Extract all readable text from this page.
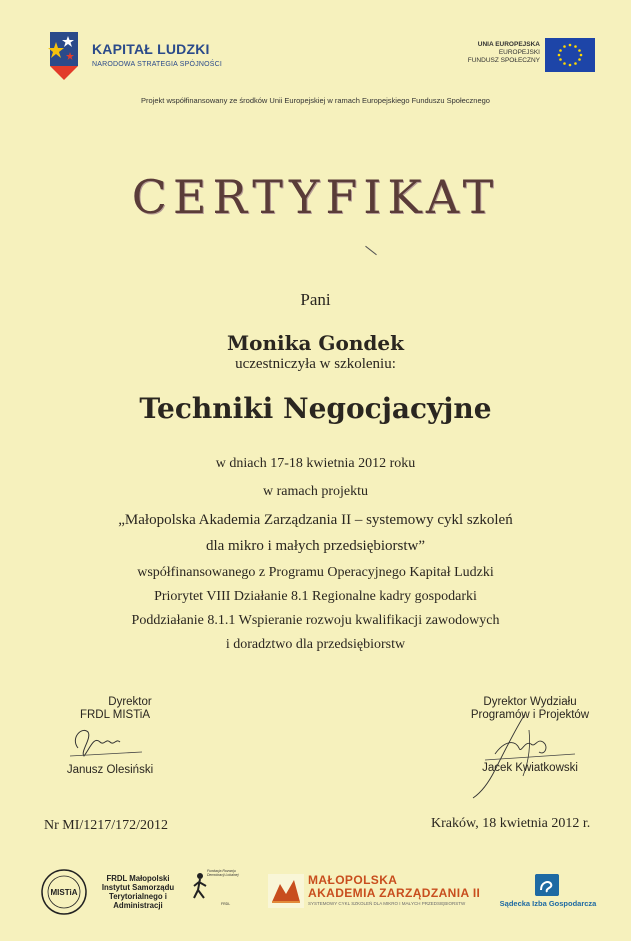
KAPITAŁ LUDZKI
NARODOWA STRATEGIA SPÓJNOŚCI
UNIA EUROPEJSKA
EUROPEJSKI
FUNDUSZ SPOŁECZNY
Projekt współfinansowany ze środków Unii Europejskiej w ramach Europejskiego Funduszu Społecznego
CERTYFIKAT
Pani
Monika Gondek
uczestniczyła w szkoleniu:
Techniki Negocjacyjne
w dniach 17-18 kwietnia 2012 roku
w ramach projektu
„Małopolska Akademia Zarządzania II – systemowy cykl szkoleń
dla mikro i małych przedsiębiorstw”
współfinansowanego z Programu Operacyjnego Kapitał Ludzki
Priorytet VIII Działanie 8.1 Regionalne kadry gospodarki
Poddziałanie 8.1.1 Wspieranie rozwoju kwalifikacji zawodowych
i doradztwo dla przedsiębiorstw
Dyrektor
FRDL MISTiA
Janusz Olesiński
Dyrektor Wydziału
Programów i Projektów
Jacek Kwiatkowski
Nr MI/1217/172/2012	Kraków, 18 kwietnia 2012 r.
MISTiA
FRDL Małopolski Instytut Samorządu Terytorialnego i Administracji
Fundacja Rozwoju Demokracji Lokalnej
FRDL
MAŁOPOLSKA
AKADEMIA ZARZĄDZANIA II
SYSTEMOWY CYKL SZKOLEŃ DLA MIKRO I MAŁYCH PRZEDSIĘBIORSTW	Sądecka Izba Gospodarcza
